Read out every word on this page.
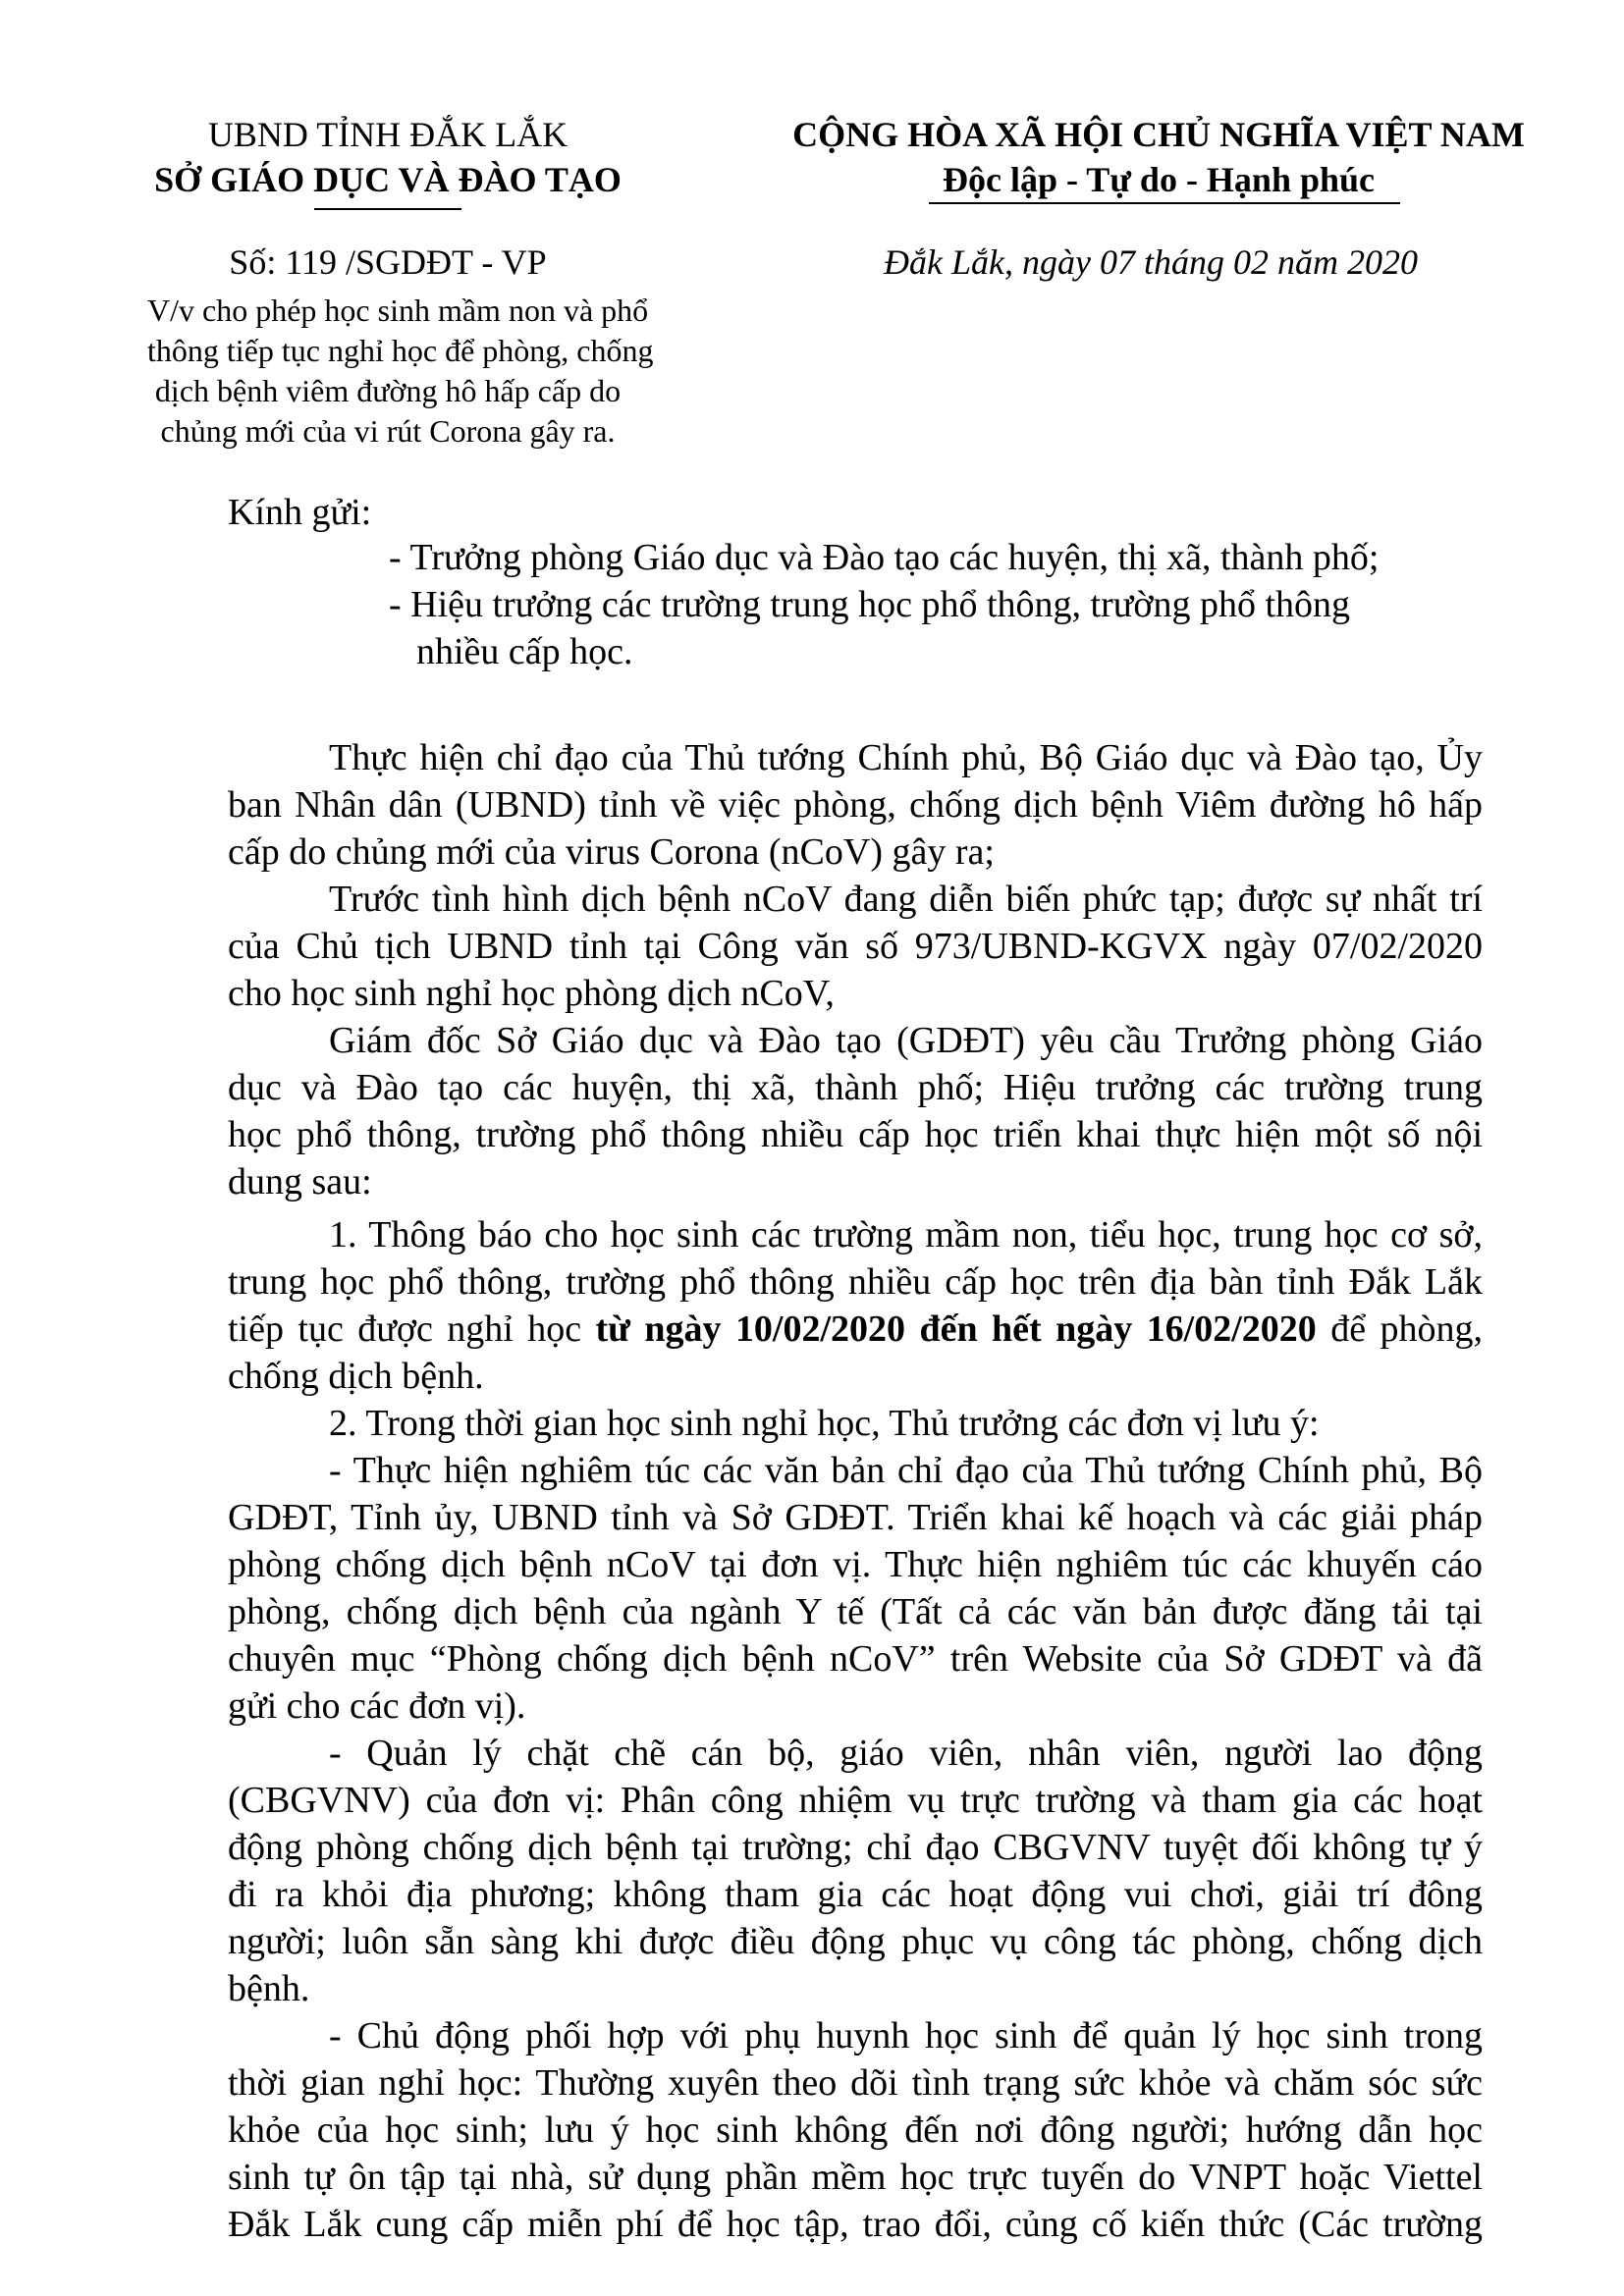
UBND TỈNH ĐẮK LẮK
SỞ GIÁO DỤC VÀ ĐÀO TẠO
CỘNG HÒA XÃ HỘI CHỦ NGHĨA VIỆT NAM
Độc lập - Tự do - Hạnh phúc
Số: 119 /SGDĐT - VP	Đắk Lắk, ngày 07 tháng 02 năm 2020
V/v cho phép học sinh mầm non và phổ
thông tiếp tục nghỉ học để phòng, chống
dịch bệnh viêm đường hô hấp cấp do
chủng mới của vi rút Corona gây ra.
Kính gửi:
- Trưởng phòng Giáo dục và Đào tạo các huyện, thị xã, thành phố;
- Hiệu trưởng các trường trung học phổ thông, trường phổ thông
nhiều cấp học.
Thực hiện chỉ đạo của Thủ tướng Chính phủ, Bộ Giáo dục và Đào tạo, Ủy
ban Nhân dân (UBND) tỉnh về việc phòng, chống dịch bệnh Viêm đường hô hấp
cấp do chủng mới của virus Corona (nCoV) gây ra;
Trước tình hình dịch bệnh nCoV đang diễn biến phức tạp; được sự nhất trí
của Chủ tịch UBND tỉnh tại Công văn số 973/UBND-KGVX ngày 07/02/2020
cho học sinh nghỉ học phòng dịch nCoV,
Giám đốc Sở Giáo dục và Đào tạo (GDĐT) yêu cầu Trưởng phòng Giáo
dục và Đào tạo các huyện, thị xã, thành phố; Hiệu trưởng các trường trung
học phổ thông, trường phổ thông nhiều cấp học triển khai thực hiện một số nội
dung sau:
1. Thông báo cho học sinh các trường mầm non, tiểu học, trung học cơ sở,
trung học phổ thông, trường phổ thông nhiều cấp học trên địa bàn tỉnh Đắk Lắk
tiếp tục được nghỉ học từ ngày 10/02/2020 đến hết ngày 16/02/2020 để phòng,
chống dịch bệnh.
2. Trong thời gian học sinh nghỉ học, Thủ trưởng các đơn vị lưu ý:
- Thực hiện nghiêm túc các văn bản chỉ đạo của Thủ tướng Chính phủ, Bộ
GDĐT, Tỉnh ủy, UBND tỉnh và Sở GDĐT. Triển khai kế hoạch và các giải pháp
phòng chống dịch bệnh nCoV tại đơn vị. Thực hiện nghiêm túc các khuyến cáo
phòng, chống dịch bệnh của ngành Y tế (Tất cả các văn bản được đăng tải tại
chuyên mục “Phòng chống dịch bệnh nCoV” trên Website của Sở GDĐT và đã
gửi cho các đơn vị).
- Quản lý chặt chẽ cán bộ, giáo viên, nhân viên, người lao động
(CBGVNV) của đơn vị: Phân công nhiệm vụ trực trường và tham gia các hoạt
động phòng chống dịch bệnh tại trường; chỉ đạo CBGVNV tuyệt đối không tự ý
đi ra khỏi địa phương; không tham gia các hoạt động vui chơi, giải trí đông
người; luôn sẵn sàng khi được điều động phục vụ công tác phòng, chống dịch
bệnh.
- Chủ động phối hợp với phụ huynh học sinh để quản lý học sinh trong
thời gian nghỉ học: Thường xuyên theo dõi tình trạng sức khỏe và chăm sóc sức
khỏe của học sinh; lưu ý học sinh không đến nơi đông người; hướng dẫn học
sinh tự ôn tập tại nhà, sử dụng phần mềm học trực tuyến do VNPT hoặc Viettel
Đắk Lắk cung cấp miễn phí để học tập, trao đổi, củng cố kiến thức (Các trường
